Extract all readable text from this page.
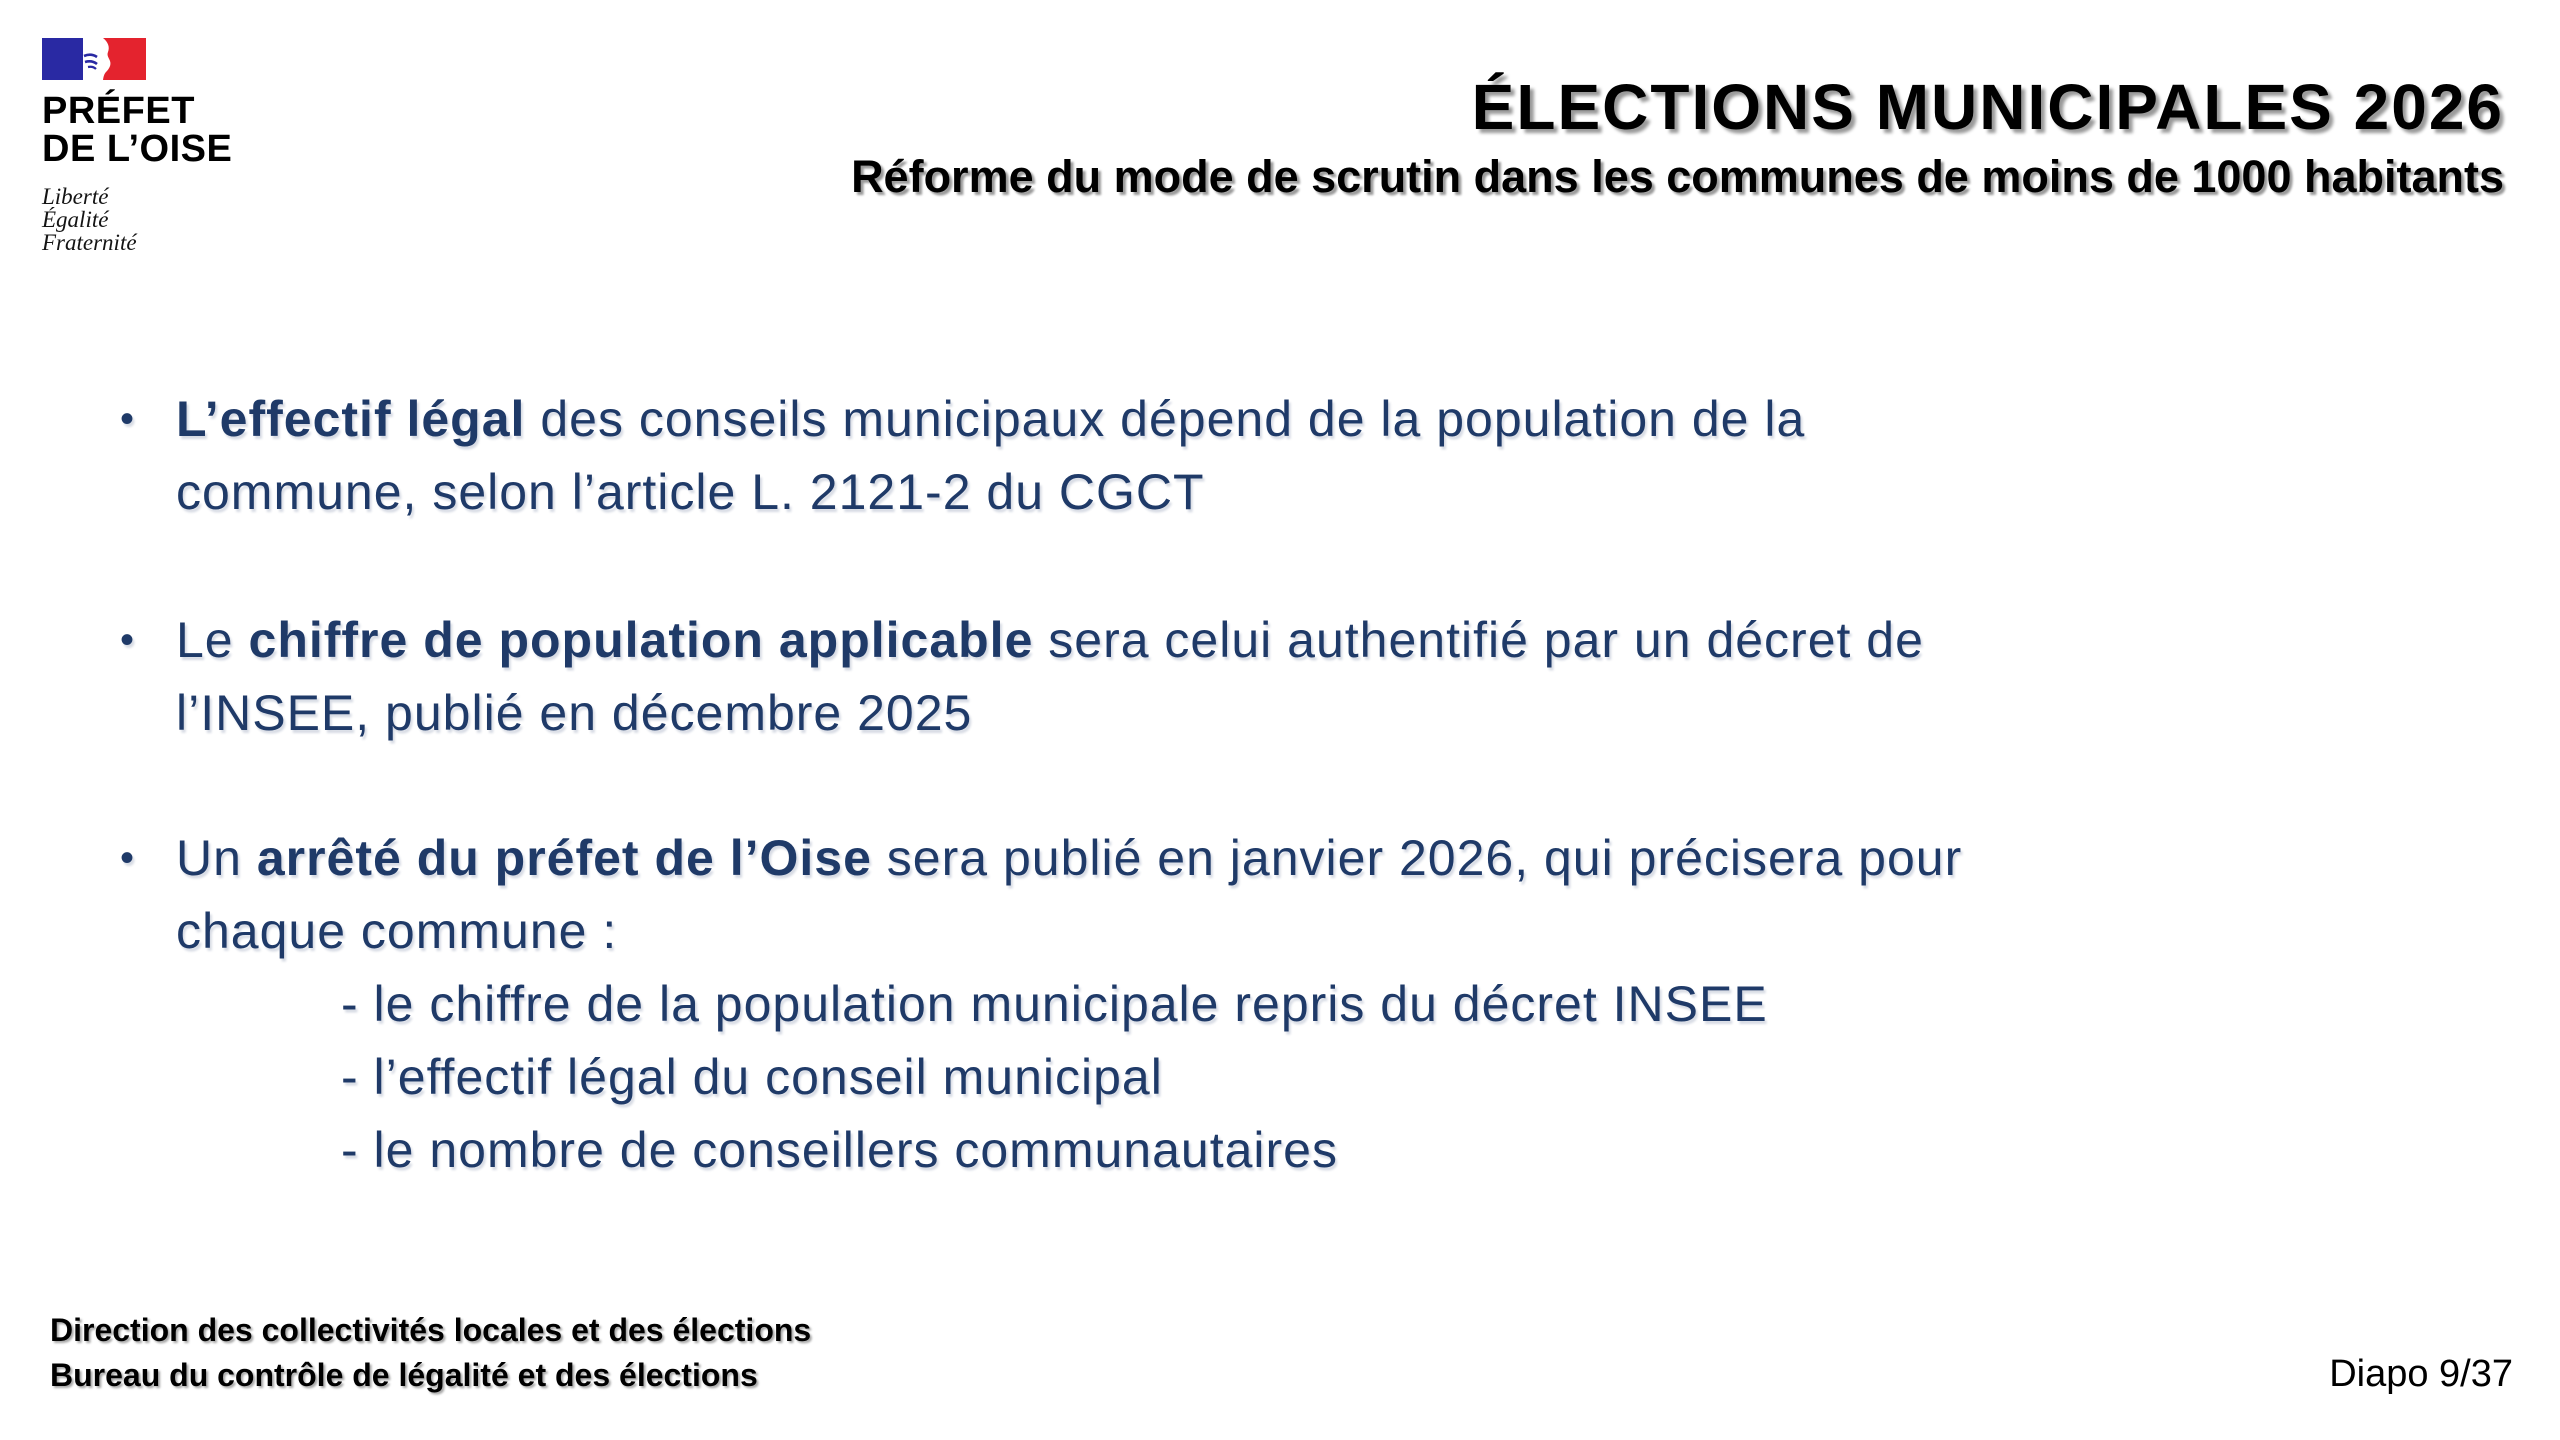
PRÉFET
DE L’OISE
Liberté
Égalité
Fraternité
ÉLECTIONS MUNICIPALES 2026
Réforme du mode de scrutin dans les communes de moins de 1000 habitants
• L’effectif légal des conseils municipaux dépend de la population de la
commune, selon l’article L. 2121-2 du CGCT
• Le chiffre de population applicable sera celui authentifié par un décret de
l’INSEE, publié en décembre 2025
• Un arrêté du préfet de l’Oise sera publié en janvier 2026, qui précisera pour
chaque commune :
- le chiffre de la population municipale repris du décret INSEE
- l’effectif légal du conseil municipal
- le nombre de conseillers communautaires
Direction des collectivités locales et des élections
Bureau du contrôle de légalité et des élections	Diapo 9/37
